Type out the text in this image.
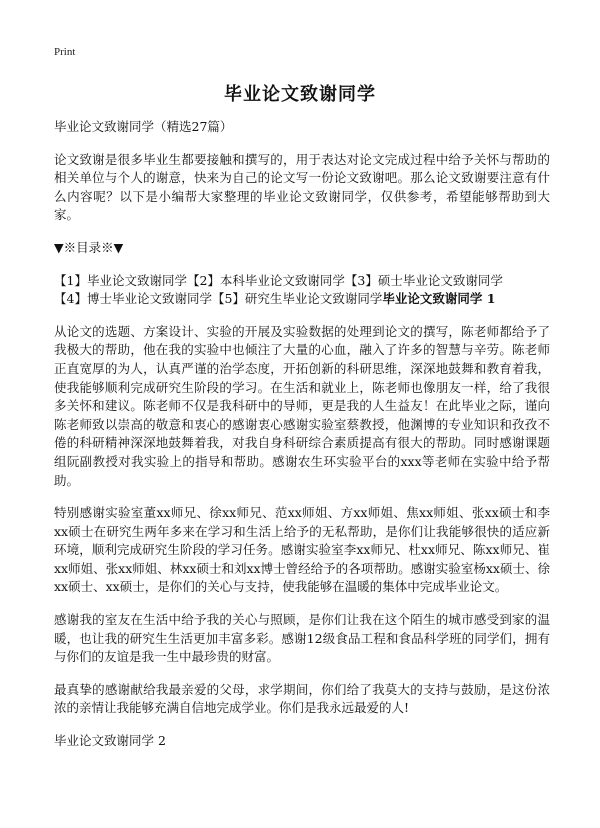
Print
毕业论文致谢同学

毕业论文致谢同学（精选27篇）

论文致谢是很多毕业生都要接触和撰写的，用于表达对论文完成过程中给予关怀与帮助的相关单位与个人的谢意，快来为自己的论文写一份论文致谢吧。那么论文致谢要注意有什么内容呢？以下是小编帮大家整理的毕业论文致谢同学，仅供参考，希望能够帮助到大家。

▼※目录※▼

【1】毕业论文致谢同学【2】本科毕业论文致谢同学【3】硕士毕业论文致谢同学
【4】博士毕业论文致谢同学【5】研究生毕业论文致谢同学毕业论文致谢同学 1

从论文的选题、方案设计、实验的开展及实验数据的处理到论文的撰写，陈老师都给予了我极大的帮助，他在我的实验中也倾注了大量的心血，融入了许多的智慧与辛劳。陈老师正直宽厚的为人，认真严谨的治学态度，开拓创新的科研思维，深深地鼓舞和教育着我，使我能够顺利完成研究生阶段的学习。在生活和就业上，陈老师也像朋友一样，给了我很多关怀和建议。陈老师不仅是我科研中的导师，更是我的人生益友！在此毕业之际，谨向陈老师致以崇高的敬意和衷心的感谢衷心感谢实验室蔡教授，他渊博的专业知识和孜孜不倦的科研精神深深地鼓舞着我，对我自身科研综合素质提高有很大的帮助。同时感谢课题组阮副教授对我实验上的指导和帮助。感谢农生环实验平台的xxx等老师在实验中给予帮助。

特别感谢实验室董xx师兄、徐xx师兄、范xx师姐、方xx师姐、焦xx师姐、张xx硕士和李xx硕士在研究生两年多来在学习和生活上给予的无私帮助，是你们让我能够很快的适应新环境，顺利完成研究生阶段的学习任务。感谢实验室李xx师兄、杜xx师兄、陈xx师兄、崔xx师姐、张xx师姐、林xx硕士和刘xx博士曾经给予的各项帮助。感谢实验室杨xx硕士、徐xx硕士、xx硕士，是你们的关心与支持，使我能够在温暖的集体中完成毕业论文。

感谢我的室友在生活中给予我的关心与照顾，是你们让我在这个陌生的城市感受到家的温暖，也让我的研究生生活更加丰富多彩。感谢12级食品工程和食品科学班的同学们，拥有与你们的友谊是我一生中最珍贵的财富。

最真挚的感谢献给我最亲爱的父母，求学期间，你们给了我莫大的支持与鼓励，是这份浓浓的亲情让我能够充满自信地完成学业。你们是我永远最爱的人!

毕业论文致谢同学 2
